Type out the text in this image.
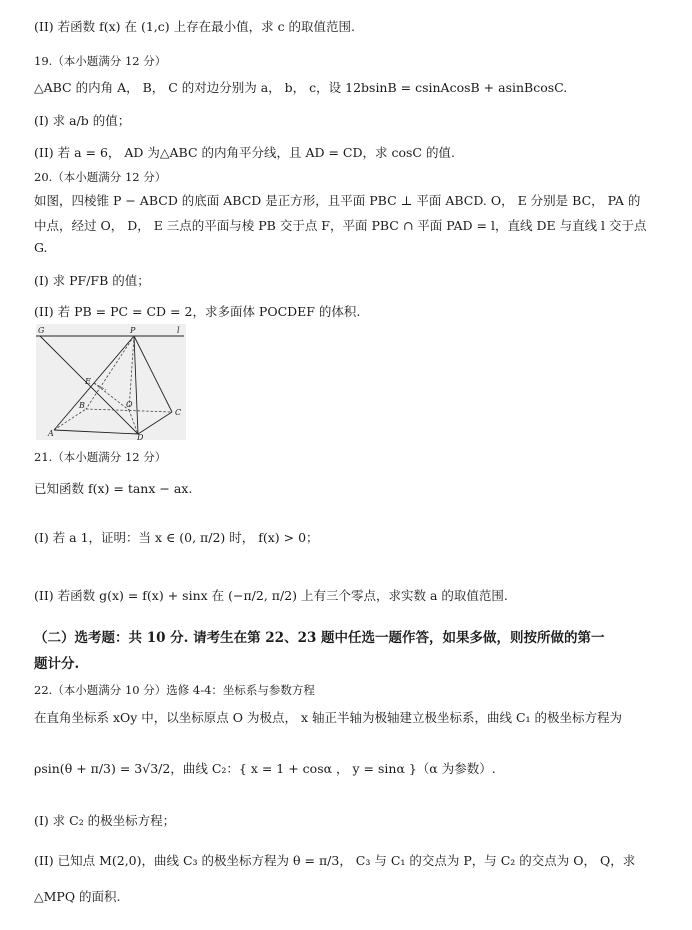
(II) 若函数 f(x) 在 (1,c) 上存在最小值，求 c 的取值范围.
19.（本小题满分 12 分）
△ABC 的内角 A， B， C 的对边分别为 a， b， c，设 12bsinB = csinAcosB + asinBcosC.
(I) 求 a/b 的值；
(II) 若 a = 6， AD 为△ABC 的内角平分线，且 AD = CD，求 cosC 的值.
20.（本小题满分 12 分）
如图，四棱锥 P − ABCD 的底面 ABCD 是正方形，且平面 PBC ⊥ 平面 ABCD. O， E 分别是 BC， PA 的
中点，经过 O， D， E 三点的平面与棱 PB 交于点 F，平面 PBC ∩ 平面 PAD = l，直线 DE 与直线 l 交于点
G.
(I) 求 PF/FB 的值；
(II) 若 PB = PC = CD = 2，求多面体 POCDEF 的体积.
G	P	l
E
B	O
C
A	D
21.（本小题满分 12 分）
已知函数 f(x) = tanx − ax.
(I) 若 a 1，证明：当 x ∈ (0, π/2) 时， f(x) > 0；
(II) 若函数 g(x) = f(x) + sinx 在 (−π/2, π/2) 上有三个零点，求实数 a 的取值范围.
（二）选考题：共 10 分. 请考生在第 22、23 题中任选一题作答，如果多做，则按所做的第一
题计分.
22.（本小题满分 10 分）选修 4-4：坐标系与参数方程
在直角坐标系 xOy 中，以坐标原点 O 为极点， x 轴正半轴为极轴建立极坐标系，曲线 C₁ 的极坐标方程为
ρsin(θ + π/3) = 3√3/2，曲线 C₂：{ x = 1 + cosα ， y = sinα }（α 为参数）.
(I) 求 C₂ 的极坐标方程；
(II) 已知点 M(2,0)，曲线 C₃ 的极坐标方程为 θ = π/3， C₃ 与 C₁ 的交点为 P，与 C₂ 的交点为 O， Q，求
△MPQ 的面积.
